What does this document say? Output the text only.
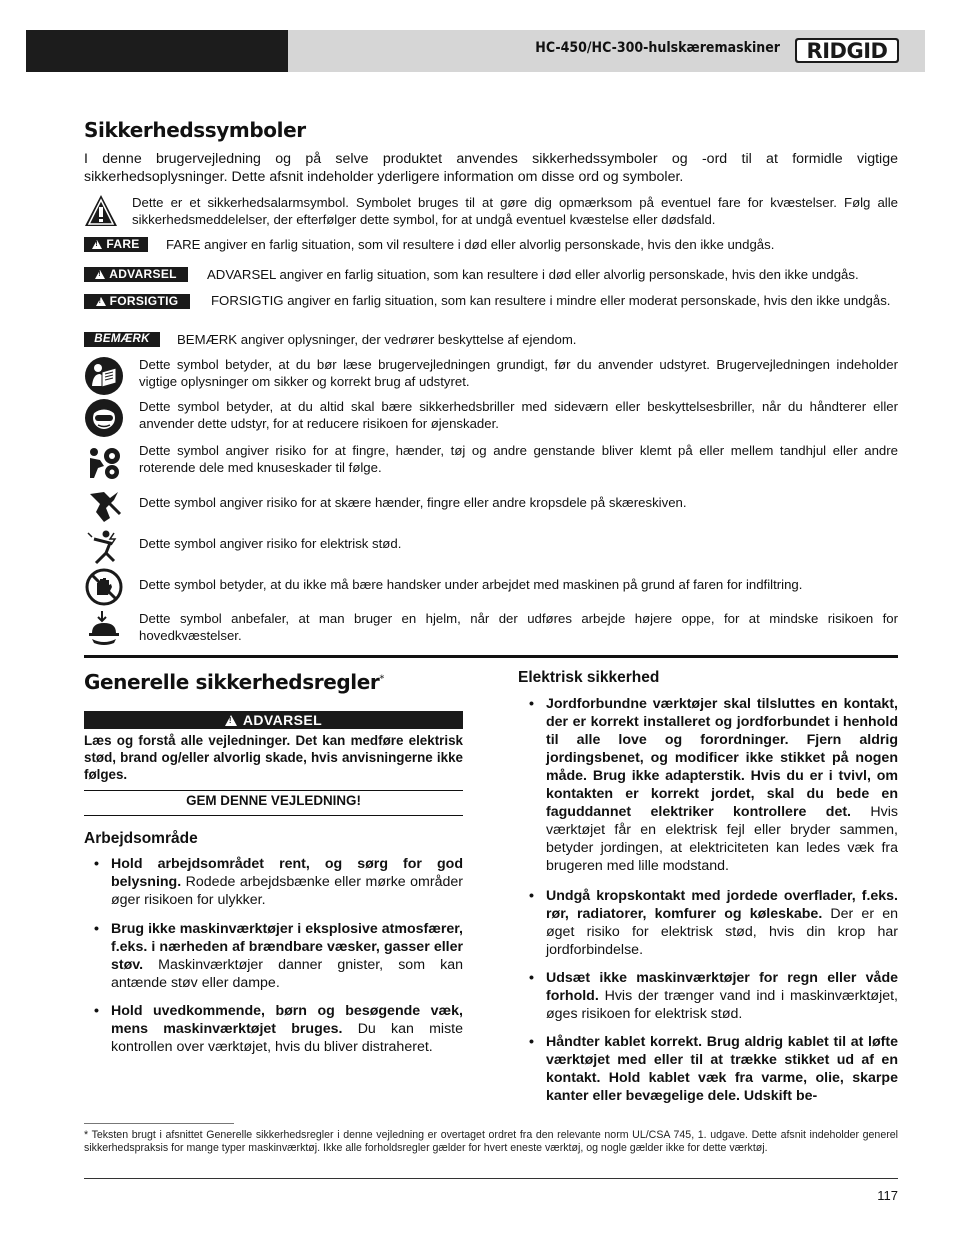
HC-450/HC-300-hulskæremaskiner RIDGID
Sikkerhedssymboler
I denne brugervejledning og på selve produktet anvendes sikkerhedssymboler og -ord til at formidle vigtige sikkerhedsoplysninger. Dette afsnit indeholder yderligere information om disse ord og symboler.
Dette er et sikkerhedsalarmsymbol. Symbolet bruges til at gøre dig opmærksom på eventuel fare for kvæstelser. Følg alle sikkerhedsmeddelelser, der efterfølger dette symbol, for at undgå eventuel kvæstelse eller dødsfald.
!
FARE FARE angiver en farlig situation, som vil resultere i død eller alvorlig personskade, hvis den ikke undgås.
!
ADVARSEL ADVARSEL angiver en farlig situation, som kan resultere i død eller alvorlig personskade, hvis den ikke undgås.
!
FORSIGTIG FORSIGTIG angiver en farlig situation, som kan resultere i mindre eller moderat personskade, hvis den ikke undgås.
BEMÆRK	BEMÆRK angiver oplysninger, der vedrører beskyttelse af ejendom.
Dette symbol betyder, at du bør læse brugervejledningen grundigt, før du anvender udstyret. Brugervejledningen indeholder vigtige oplysninger om sikker og korrekt brug af udstyret.
Dette symbol betyder, at du altid skal bære sikkerhedsbriller med sideværn eller beskyttelsesbriller, når du håndterer eller anvender dette udstyr, for at reducere risikoen for øjenskader.
Dette symbol angiver risiko for at fingre, hænder, tøj og andre genstande bliver klemt på eller mellem tandhjul eller andre roterende dele med knuseskader til følge.
Dette symbol angiver risiko for at skære hænder, fingre eller andre kropsdele på skæreskiven.
Dette symbol angiver risiko for elektrisk stød.
Dette symbol betyder, at du ikke må bære handsker under arbejdet med maskinen på grund af faren for indfiltring.
Dette symbol anbefaler, at man bruger en hjelm, når der udføres arbejde højere oppe, for at mindske risikoen for hovedkvæstelser.
Generelle sikkerhedsregler*
!
ADVARSEL
Læs og forstå alle vejledninger. Det kan medføre elektrisk stød, brand og/eller alvorlig skade, hvis anvisningerne ikke følges.
GEM DENNE VEJLEDNING!
Arbejdsområde
• Hold arbejdsområdet rent, og sørg for god belysning. Rodede arbejdsbænke eller mørke områder øger risikoen for ulykker.
• Brug ikke maskinværktøjer i eksplosive atmosfærer, f.eks. i nærheden af brændbare væsker, gasser eller støv. Maskinværktøjer danner gnister, som kan antænde støv eller dampe.
• Hold uvedkommende, børn og besøgende væk, mens maskinværktøjet bruges. Du kan miste kontrollen over værktøjet, hvis du bliver distraheret.
Elektrisk sikkerhed
• Jordforbundne værktøjer skal tilsluttes en kontakt, der er korrekt installeret og jordforbundet i henhold til alle love og forordninger. Fjern aldrig jordingsbenet, og modificer ikke stikket på nogen måde. Brug ikke adapterstik. Hvis du er i tvivl, om kontakten er korrekt jordet, skal du bede en faguddannet elektriker kontrollere det. Hvis værktøjet får en elektrisk fejl eller bryder sammen, betyder jordingen, at elektriciteten kan ledes væk fra brugeren med lille modstand.
• Undgå kropskontakt med jordede overflader, f.eks. rør, radiatorer, komfurer og køleskabe. Der er en øget risiko for elektrisk stød, hvis din krop har jordforbindelse.
• Udsæt ikke maskinværktøjer for regn eller våde forhold. Hvis der trænger vand ind i maskinværktøjet, øges risikoen for elektrisk stød.
• Håndter kablet korrekt. Brug aldrig kablet til at løfte værktøjet med eller til at trække stikket ud af en kontakt. Hold kablet væk fra varme, olie, skarpe kanter eller bevægelige dele. Udskift be-
* Teksten brugt i afsnittet Generelle sikkerhedsregler i denne vejledning er overtaget ordret fra den relevante norm UL/CSA 745, 1. udgave. Dette afsnit indeholder generel sikkerhedspraksis for mange typer maskinværktøj. Ikke alle forholdsregler gælder for hvert eneste værktøj, og nogle gælder ikke for dette værktøj.
117
